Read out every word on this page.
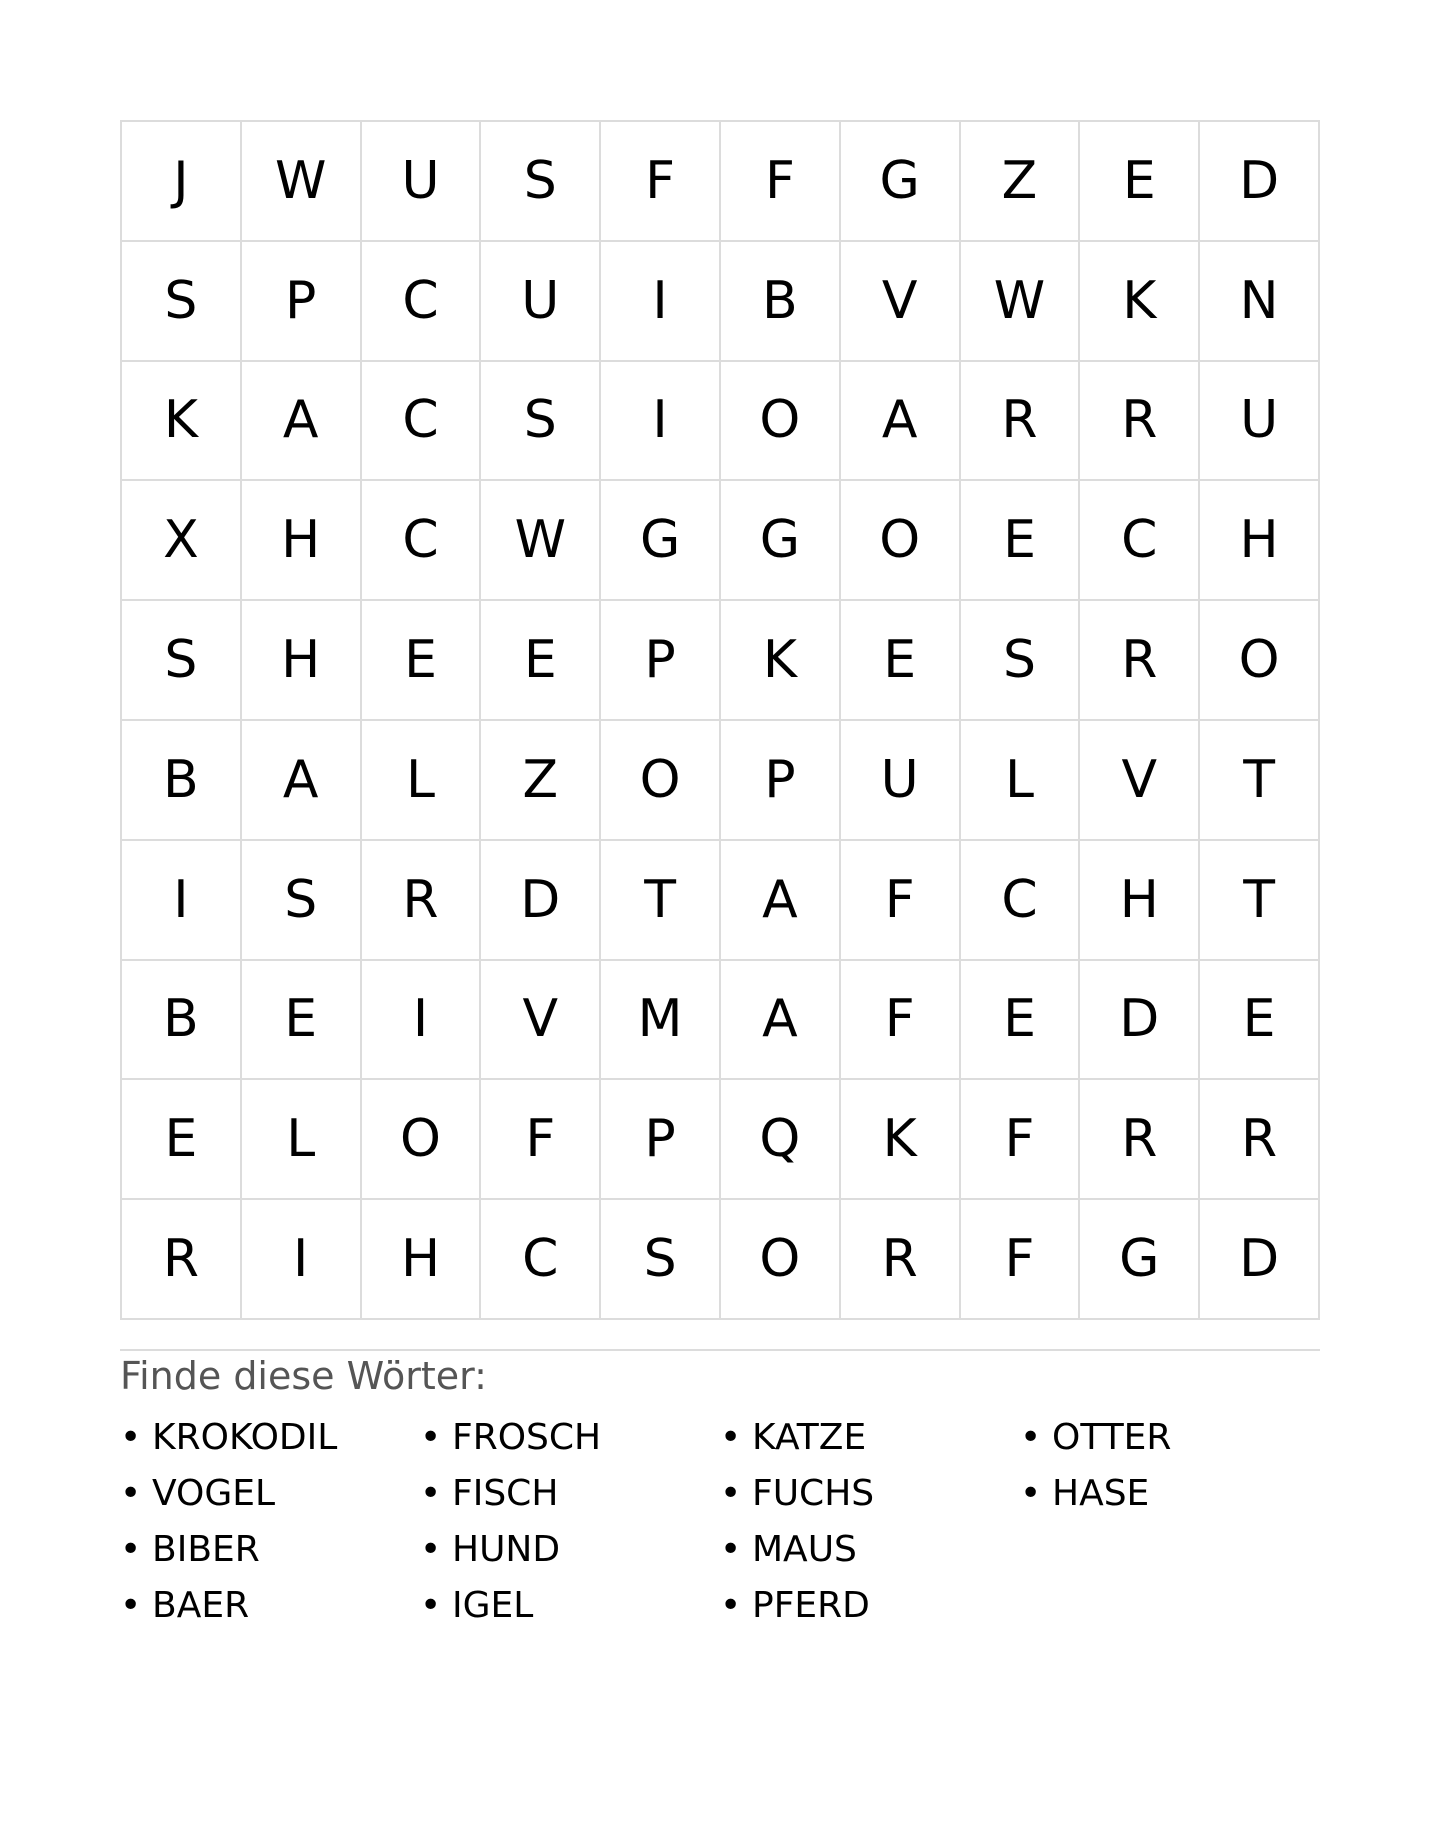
J	W	U	S	F	F	G	Z	E	D
S	P	C	U	I	B	V	W	K	N
K	A	C	S	I	O	A	R	R	U
X	H	C	W	G	G	O	E	C	H
S	H	E	E	P	K	E	S	R	O
B	A	L	Z	O	P	U	L	V	T
I	S	R	D	T	A	F	C	H	T
B	E	I	V	M	A	F	E	D	E
E	L	O	F	P	Q	K	F	R	R
R	I	H	C	S	O	R	F	G	D
Finde diese Wörter:
• KROKODIL
• VOGEL
• BIBER
• BAER
• FROSCH
• FISCH
• HUND
• IGEL
• KATZE
• FUCHS
• MAUS
• PFERD
• OTTER
• HASE
